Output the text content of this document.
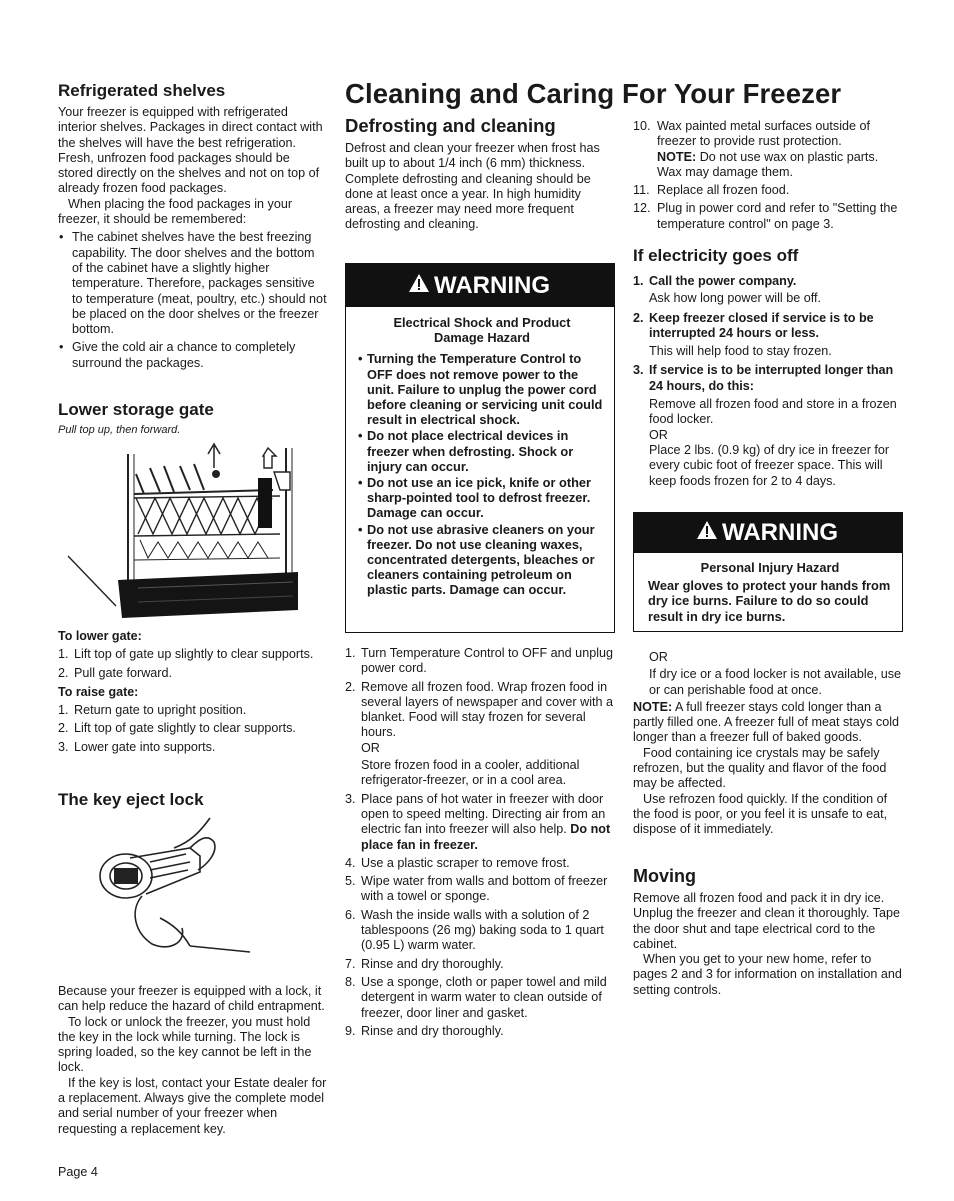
Refrigerated shelves

Your freezer is equipped with refrigerated interior shelves. Packages in direct contact with the shelves will have the best refrigeration. Fresh, unfrozen food packages should be stored directly on the shelves and not on top of already frozen food packages.

When placing the food packages in your freezer, it should be remembered:

• The cabinet shelves have the best freezing capability. The door shelves and the bottom of the cabinet have a slightly higher temperature. Therefore, packages sensitive to temperature (meat, poultry, etc.) should not be placed on the door shelves or the freezer bottom.
• Give the cold air a chance to completely surround the packages.
Lower storage gate

Pull top up, then forward.

To lower gate:

1. Lift top of gate up slightly to clear supports.
2. Pull gate forward.

To raise gate:

1. Return gate to upright position.
2. Lift top of gate slightly to clear supports.
3. Lower gate into supports.
The key eject lock

Because your freezer is equipped with a lock, it can help reduce the hazard of child entrapment.

To lock or unlock the freezer, you must hold the key in the lock while turning. The lock is spring loaded, so the key cannot be left in the lock.

If the key is lost, contact your Estate dealer for a replacement. Always give the complete model and serial number of your freezer when requesting a replacement key.

Page 4

Cleaning and Caring For Your Freezer
Defrosting and cleaning

Defrost and clean your freezer when frost has built up to about 1/4 inch (6 mm) thickness. Complete defrosting and cleaning should be done at least once a year. In high humidity areas, a freezer may need more frequent defrosting and cleaning.

WARNING

Electrical Shock and Product Damage Hazard

• Turning the Temperature Control to OFF does not remove power to the unit. Failure to unplug the power cord before cleaning or servicing unit could result in electrical shock.
• Do not place electrical devices in freezer when defrosting. Shock or injury can occur.
• Do not use an ice pick, knife or other sharp-pointed tool to defrost freezer. Damage can occur.
• Do not use abrasive cleaners on your freezer. Do not use cleaning waxes, concentrated detergents, bleaches or cleaners containing petroleum on plastic parts. Damage can occur.
1. Turn Temperature Control to OFF and unplug power cord.
2. Remove all frozen food. Wrap frozen food in several layers of newspaper and cover with a blanket. Food will stay frozen for several hours.

OR

Store frozen food in a cooler, additional refrigerator-freezer, or in a cool area.

3. Place pans of hot water in freezer with door open to speed melting. Directing air from an electric fan into freezer will also help. Do not place fan in freezer.
4. Use a plastic scraper to remove frost.
5. Wipe water from walls and bottom of freezer with a towel or sponge.
6. Wash the inside walls with a solution of 2 tablespoons (26 mg) baking soda to 1 quart (0.95 L) warm water.
7. Rinse and dry thoroughly.
8. Use a sponge, cloth or paper towel and mild detergent in warm water to clean outside of freezer, door liner and gasket.
9. Rinse and dry thoroughly.
10. Wax painted metal surfaces outside of freezer to provide rust protection.

NOTE: Do not use wax on plastic parts. Wax may damage them.

11. Replace all frozen food.
12. Plug in power cord and refer to "Setting the temperature control" on page 3.
If electricity goes off
1. Call the power company.

Ask how long power will be off.

2. Keep freezer closed if service is to be interrupted 24 hours or less.

This will help food to stay frozen.

3. If service is to be interrupted longer than 24 hours, do this:

Remove all frozen food and store in a frozen food locker.

OR

Place 2 lbs. (0.9 kg) of dry ice in freezer for every cubic foot of freezer space. This will keep foods frozen for 2 to 4 days.

WARNING

Personal Injury Hazard

Wear gloves to protect your hands from dry ice burns. Failure to do so could result in dry ice burns.

OR

If dry ice or a food locker is not available, use or can perishable food at once.

NOTE: A full freezer stays cold longer than a partly filled one. A freezer full of meat stays cold longer than a freezer full of baked goods.

Food containing ice crystals may be safely refrozen, but the quality and flavor of the food may be affected.

Use refrozen food quickly. If the condition of the food is poor, or you feel it is unsafe to eat, dispose of it immediately.

Moving

Remove all frozen food and pack it in dry ice. Unplug the freezer and clean it thoroughly. Tape the door shut and tape electrical cord to the cabinet.

When you get to your new home, refer to pages 2 and 3 for information on installation and setting controls.
